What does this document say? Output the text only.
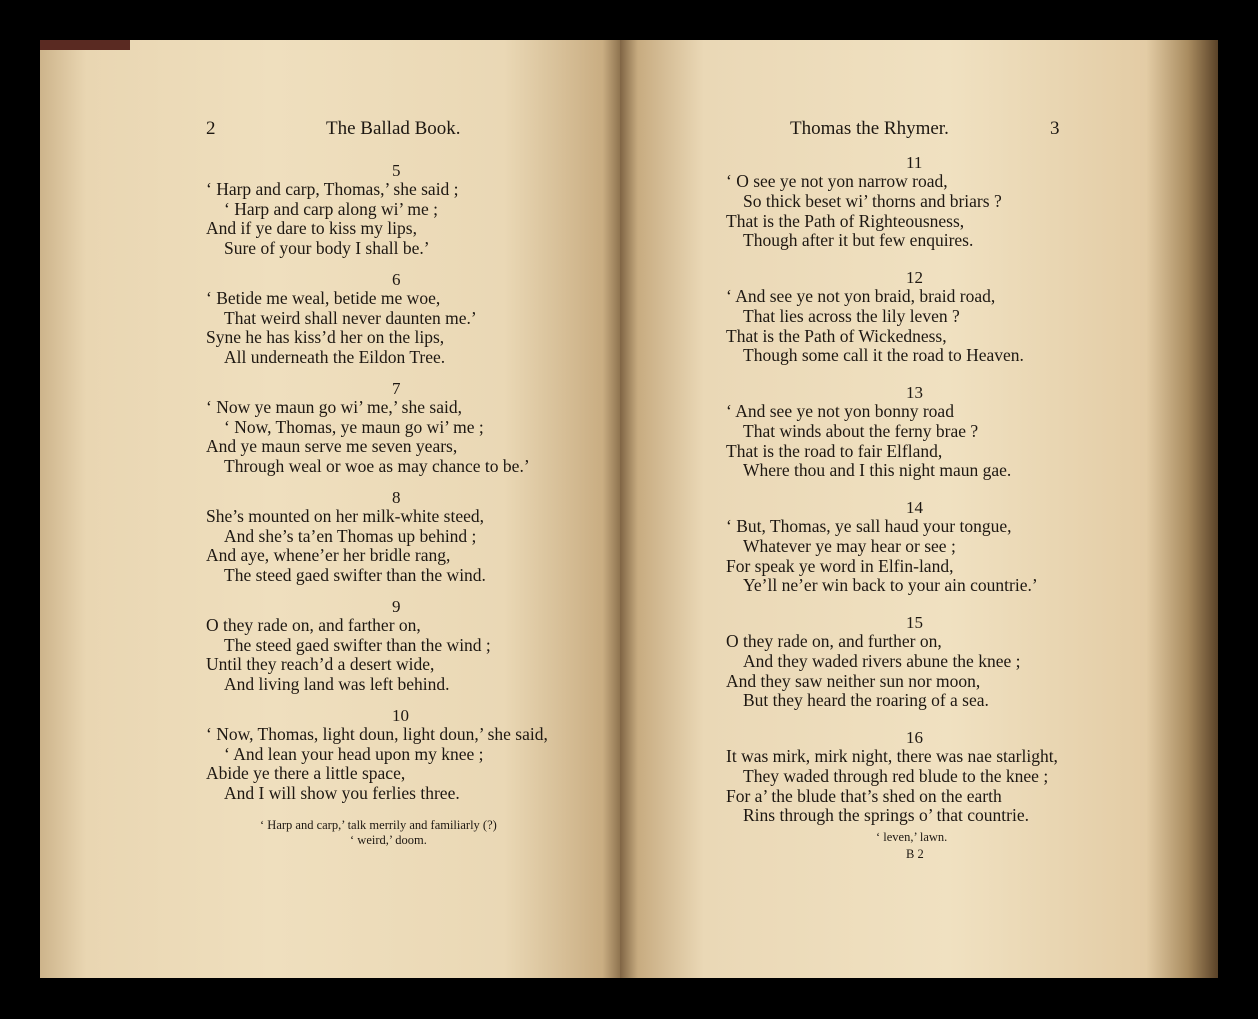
2	The Ballad Book.
5
‘ Harp and carp, Thomas,’ she said ;
‘ Harp and carp along wi’ me ;
And if ye dare to kiss my lips,
Sure of your body I shall be.’
6
‘ Betide me weal, betide me woe,
That weird shall never daunten me.’
Syne he has kiss’d her on the lips,
All underneath the Eildon Tree.
7
‘ Now ye maun go wi’ me,’ she said,
‘ Now, Thomas, ye maun go wi’ me ;
And ye maun serve me seven years,
Through weal or woe as may chance to be.’
8
She’s mounted on her milk-white steed,
And she’s ta’en Thomas up behind ;
And aye, whene’er her bridle rang,
The steed gaed swifter than the wind.
9
O they rade on, and farther on,
The steed gaed swifter than the wind ;
Until they reach’d a desert wide,
And living land was left behind.
10
‘ Now, Thomas, light doun, light doun,’ she said,
‘ And lean your head upon my knee ;
Abide ye there a little space,
And I will show you ferlies three.
‘ Harp and carp,’ talk merrily and familiarly (?)
‘ weird,’ doom.
Thomas the Rhymer.	3
11
‘ O see ye not yon narrow road,
So thick beset wi’ thorns and briars ?
That is the Path of Righteousness,
Though after it but few enquires.
12
‘ And see ye not yon braid, braid road,
That lies across the lily leven ?
That is the Path of Wickedness,
Though some call it the road to Heaven.
13
‘ And see ye not yon bonny road
That winds about the ferny brae ?
That is the road to fair Elfland,
Where thou and I this night maun gae.
14
‘ But, Thomas, ye sall haud your tongue,
Whatever ye may hear or see ;
For speak ye word in Elfin-land,
Ye’ll ne’er win back to your ain countrie.’
15
O they rade on, and further on,
And they waded rivers abune the knee ;
And they saw neither sun nor moon,
But they heard the roaring of a sea.
16
It was mirk, mirk night, there was nae starlight,
They waded through red blude to the knee ;
For a’ the blude that’s shed on the earth
Rins through the springs o’ that countrie.
‘ leven,’ lawn.
B 2
